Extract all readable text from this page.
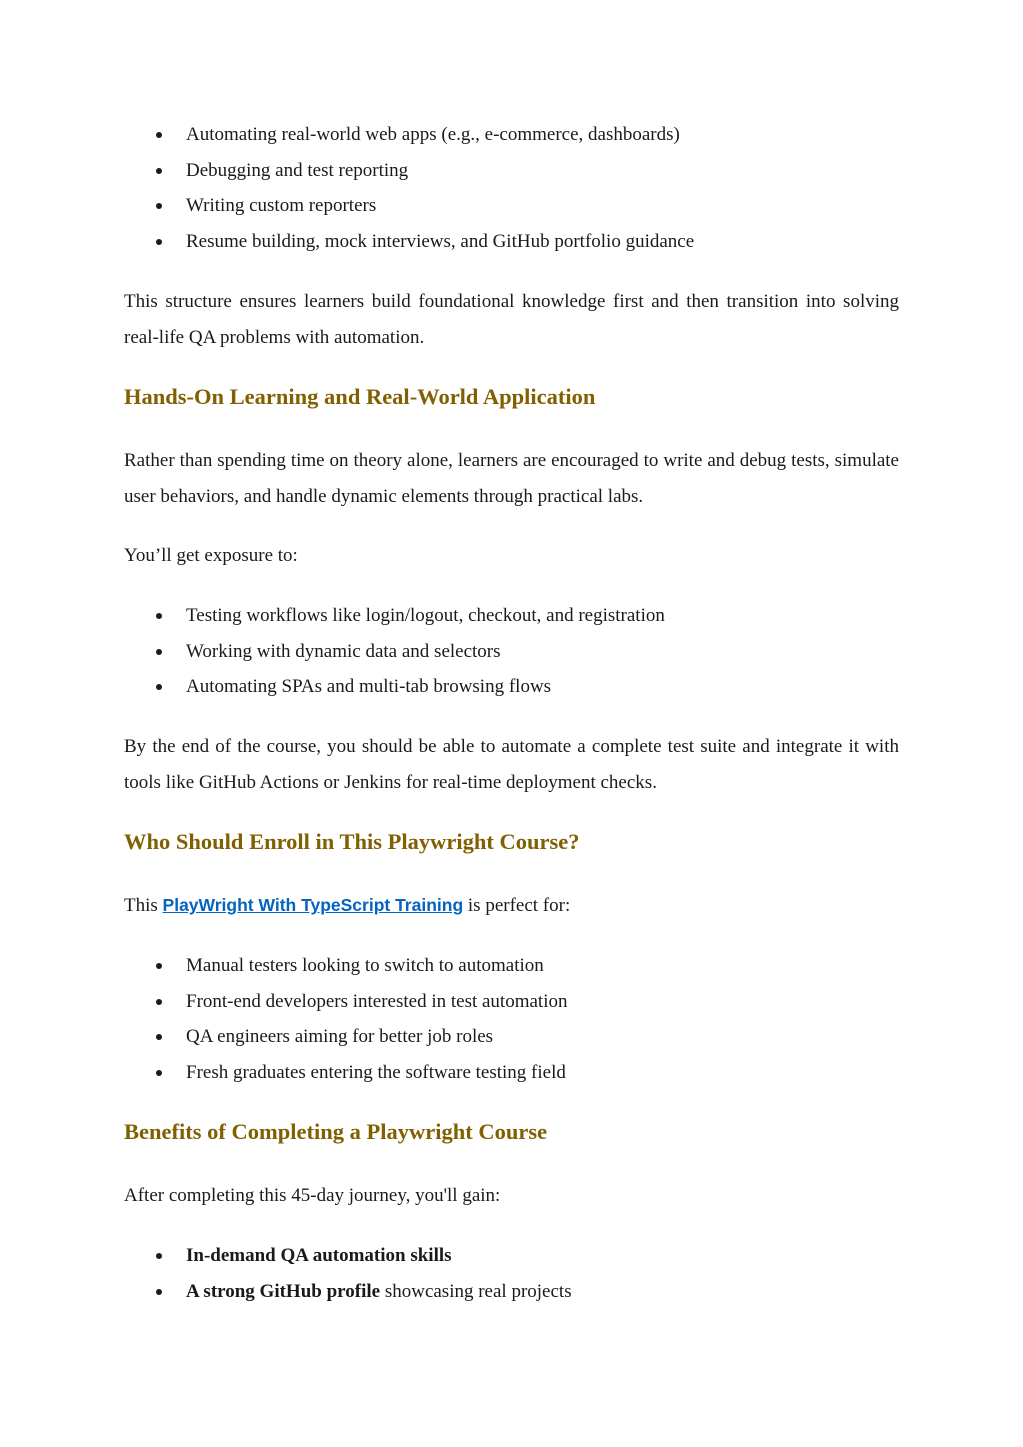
Automating real-world web apps (e.g., e-commerce, dashboards)
Debugging and test reporting
Writing custom reporters
Resume building, mock interviews, and GitHub portfolio guidance

This structure ensures learners build foundational knowledge first and then transition into solving real-life QA problems with automation.

Hands-On Learning and Real-World Application

Rather than spending time on theory alone, learners are encouraged to write and debug tests, simulate user behaviors, and handle dynamic elements through practical labs.

You’ll get exposure to:

Testing workflows like login/logout, checkout, and registration
Working with dynamic data and selectors
Automating SPAs and multi-tab browsing flows

By the end of the course, you should be able to automate a complete test suite and integrate it with tools like GitHub Actions or Jenkins for real-time deployment checks.

Who Should Enroll in This Playwright Course?

This PlayWright With TypeScript Training is perfect for:

Manual testers looking to switch to automation
Front-end developers interested in test automation
QA engineers aiming for better job roles
Fresh graduates entering the software testing field
Benefits of Completing a Playwright Course

After completing this 45-day journey, you'll gain:

In-demand QA automation skills
A strong GitHub profile showcasing real projects
